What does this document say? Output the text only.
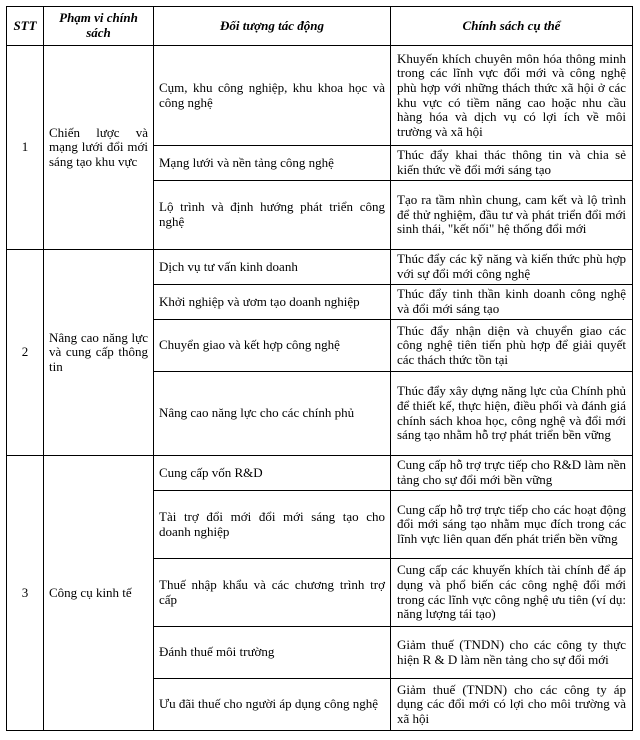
STT	Phạm vi chính sách	Đối tượng tác động	Chính sách cụ thể
1	Chiến lược và mạng lưới đổi mới sáng tạo khu vực	Cụm, khu công nghiệp, khu khoa học và công nghệ	Khuyến khích chuyên môn hóa thông minh trong các lĩnh vực đổi mới và công nghệ phù hợp với những thách thức xã hội ở các khu vực có tiềm năng cao hoặc nhu cầu hàng hóa và dịch vụ có lợi ích về môi trường và xã hội
		Mạng lưới và nền tảng công nghệ	Thúc đẩy khai thác thông tin và chia sẻ kiến thức về đổi mới sáng tạo
		Lộ trình và định hướng phát triển công nghệ	Tạo ra tầm nhìn chung, cam kết và lộ trình để thử nghiệm, đầu tư và phát triển đổi mới sinh thái, "kết nối" hệ thống đổi mới
2	Nâng cao năng lực và cung cấp thông tin	Dịch vụ tư vấn kinh doanh	Thúc đẩy các kỹ năng và kiến thức phù hợp với sự đổi mới công nghệ
		Khởi nghiệp và ươm tạo doanh nghiệp	Thúc đẩy tinh thần kinh doanh công nghệ và đổi mới sáng tạo
		Chuyển giao và kết hợp công nghệ	Thúc đẩy nhận diện và chuyển giao các công nghệ tiên tiến phù hợp để giải quyết các thách thức tồn tại
		Nâng cao năng lực cho các chính phủ	Thúc đẩy xây dựng năng lực của Chính phủ để thiết kế, thực hiện, điều phối và đánh giá chính sách khoa học, công nghệ và đổi mới sáng tạo nhằm hỗ trợ phát triển bền vững
3	Công cụ kinh tế	Cung cấp vốn R&D	Cung cấp hỗ trợ trực tiếp cho R&D làm nền tảng cho sự đổi mới bền vững
		Tài trợ đổi mới đổi mới sáng tạo cho doanh nghiệp	Cung cấp hỗ trợ trực tiếp cho các hoạt động đổi mới sáng tạo nhằm mục đích trong các lĩnh vực liên quan đến phát triển bền vững
		Thuế nhập khẩu và các chương trình trợ cấp	Cung cấp các khuyến khích tài chính để áp dụng và phổ biến các công nghệ đổi mới trong các lĩnh vực công nghệ ưu tiên (ví dụ: năng lượng tái tạo)
		Đánh thuế môi trường	Giảm thuế (TNDN) cho các công ty thực hiện R & D làm nền tảng cho sự đổi mới
		Ưu đãi thuế cho người áp dụng công nghệ	Giảm thuế (TNDN) cho các công ty áp dụng các đổi mới có lợi cho môi trường và xã hội
